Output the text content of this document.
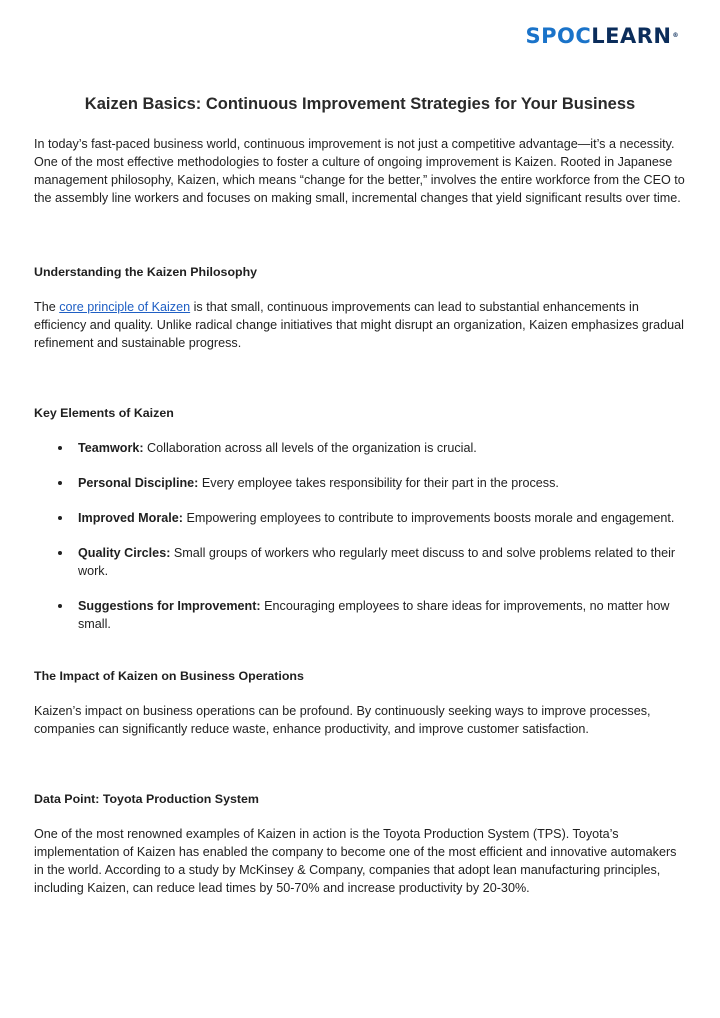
SPOCLEARN®
Kaizen Basics: Continuous Improvement Strategies for Your Business

In today’s fast-paced business world, continuous improvement is not just a competitive advantage—it’s a necessity. One of the most effective methodologies to foster a culture of ongoing improvement is Kaizen. Rooted in Japanese management philosophy, Kaizen, which means “change for the better,” involves the entire workforce from the CEO to the assembly line workers and focuses on making small, incremental changes that yield significant results over time.

Understanding the Kaizen Philosophy

The core principle of Kaizen is that small, continuous improvements can lead to substantial enhancements in efficiency and quality. Unlike radical change initiatives that might disrupt an organization, Kaizen emphasizes gradual refinement and sustainable progress.

Key Elements of Kaizen

Teamwork: Collaboration across all levels of the organization is crucial.
Personal Discipline: Every employee takes responsibility for their part in the process.
Improved Morale: Empowering employees to contribute to improvements boosts morale and engagement.
Quality Circles: Small groups of workers who regularly meet discuss to and solve problems related to their work.
Suggestions for Improvement: Encouraging employees to share ideas for improvements, no matter how small.

The Impact of Kaizen on Business Operations

Kaizen’s impact on business operations can be profound. By continuously seeking ways to improve processes, companies can significantly reduce waste, enhance productivity, and improve customer satisfaction.

Data Point: Toyota Production System

One of the most renowned examples of Kaizen in action is the Toyota Production System (TPS). Toyota’s implementation of Kaizen has enabled the company to become one of the most efficient and innovative automakers in the world. According to a study by McKinsey & Company, companies that adopt lean manufacturing principles, including Kaizen, can reduce lead times by 50-70% and increase productivity by 20-30%.
